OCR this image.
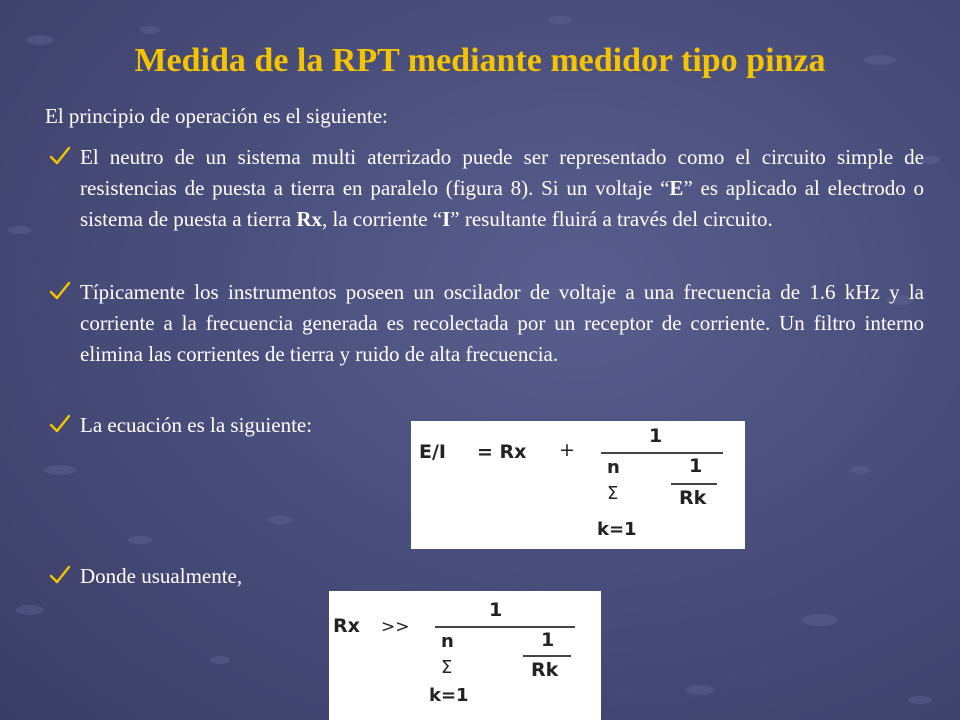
Medida de la RPT mediante medidor tipo pinza
El principio de operación es el siguiente:
El neutro de un sistema multi aterrizado puede ser representado como el circuito simple de resistencias de puesta a tierra en paralelo (figura 8). Si un voltaje “E” es aplicado al electrodo o sistema de puesta a tierra Rx, la corriente “I” resultante fluirá a través del circuito.
Típicamente los instrumentos poseen un oscilador de voltaje a una frecuencia de 1.6 kHz y la corriente a la frecuencia generada es recolectada por un receptor de corriente. Un filtro interno elimina las corrientes de tierra y ruido de alta frecuencia.
La ecuación es la siguiente:
E/I = Rx +
1
n
Σ
k=1
1
Rk
Donde usualmente,
Rx >>
1
n
Σ
k=1
1
Rk
